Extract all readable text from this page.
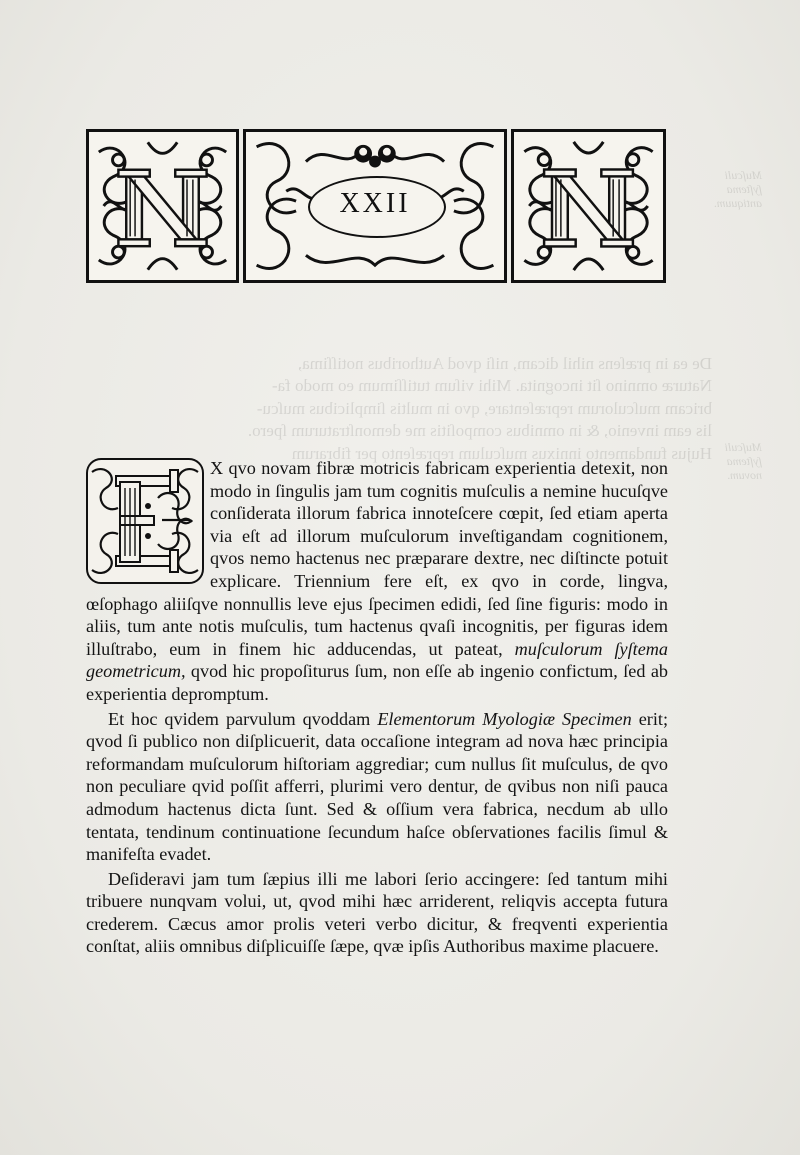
De ea in præſens nihil dicam, niſi qvod Authoribus notiſſima,
Naturæ omnino ſit incognita. Mihi viſum tutiſſimum eo modo fa-
bricam muſculorum repræſentare, qvo in multis ſimplicibus muſcu-
lis eam invenio, & in omnibus compoſitis me demonſtraturum ſpero.
Hujus fundamento innixus muſculum repræſento per fibrarum

Muſculi
ſyſtema
antiquum.
Muſculi
ſyſtema
novum.
XXII

X qvo novam fibræ motricis fabricam experientia detexit, non modo in ſingulis jam tum cognitis muſculis a nemine hucuſqve conſiderata illorum fabrica innoteſcere cœpit, ſed etiam aperta via eſt ad illorum muſculorum inveſtigandam cognitionem, qvos nemo hactenus nec præparare dextre, nec diſtincte potuit explicare. Triennium fere eſt, ex qvo in corde, lingva, œſophago aliiſqve nonnullis leve ejus ſpecimen edidi, ſed ſine figuris: modo in aliis, tum ante notis muſculis, tum hactenus qvaſi incognitis, per figuras idem illuſtrabo, eum in finem hic adducendas, ut pateat, muſculorum ſyſtema geometricum, qvod hic propoſiturus ſum, non eſſe ab ingenio confictum, ſed ab experientia depromptum.

Et hoc qvidem parvulum qvoddam Elementorum Myologiæ Specimen erit; qvod ſi publico non diſplicuerit, data occaſione integram ad nova hæc principia reformandam muſculorum hiſtoriam aggrediar; cum nullus ſit muſculus, de qvo non peculiare qvid poſſit afferri, plurimi vero dentur, de qvibus non niſi pauca admodum hactenus dicta ſunt. Sed & oſſium vera fabrica, necdum ab ullo tentata, tendinum continuatione ſecundum haſce obſervationes facilis ſimul & manifeſta evadet.

Deſideravi jam tum ſæpius illi me labori ſerio accingere: ſed tantum mihi tribuere nunqvam volui, ut, qvod mihi hæc arriderent, reliqvis accepta futura crederem. Cæcus amor prolis veteri verbo dicitur, & freqventi experientia conſtat, aliis omnibus diſplicuiſſe ſæpe, qvæ ipſis Authoribus maxime placuere.
